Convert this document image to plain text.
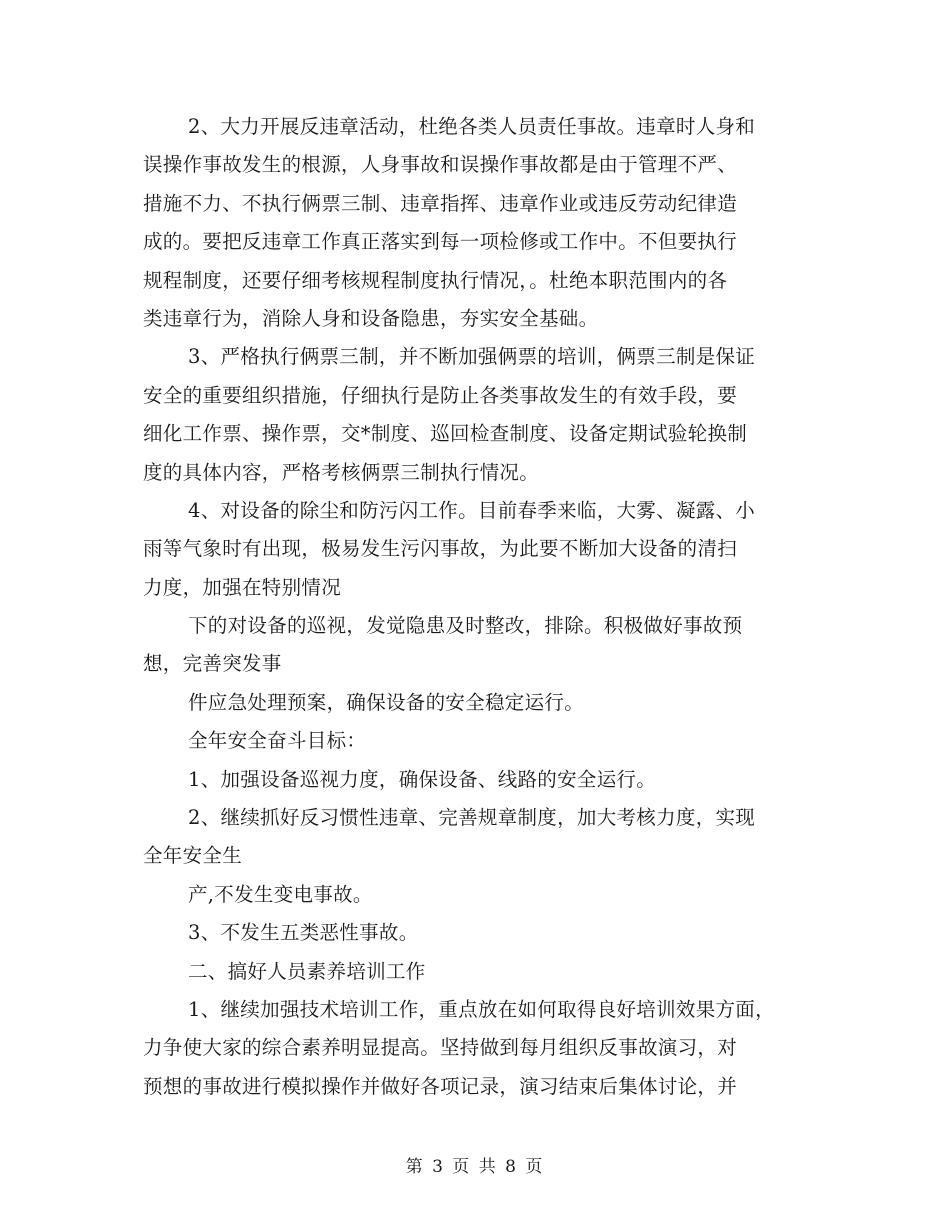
2、大力开展反违章活动，杜绝各类人员责任事故。违章时人身和
误操作事故发生的根源，人身事故和误操作事故都是由于管理不严、
措施不力、不执行俩票三制、违章指挥、违章作业或违反劳动纪律造
成的。要把反违章工作真正落实到每一项检修或工作中。不但要执行
规程制度，还要仔细考核规程制度执行情况，。杜绝本职范围内的各
类违章行为，消除人身和设备隐患，夯实安全基础。
3、严格执行俩票三制，并不断加强俩票的培训，俩票三制是保证
安全的重要组织措施，仔细执行是防止各类事故发生的有效手段，要
细化工作票、操作票，交*制度、巡回检查制度、设备定期试验轮换制
度的具体内容，严格考核俩票三制执行情况。
4、对设备的除尘和防污闪工作。目前春季来临，大雾、凝露、小
雨等气象时有出现，极易发生污闪事故，为此要不断加大设备的清扫
力度，加强在特别情况
下的对设备的巡视，发觉隐患及时整改，排除。积极做好事故预
想，完善突发事
件应急处理预案，确保设备的安全稳定运行。
全年安全奋斗目标：
1、加强设备巡视力度，确保设备、线路的安全运行。
2、继续抓好反习惯性违章、完善规章制度，加大考核力度，实现
全年安全生
产,不发生变电事故。
3、不发生五类恶性事故。
二、搞好人员素养培训工作
1、继续加强技术培训工作，重点放在如何取得良好培训效果方面，
力争使大家的综合素养明显提高。坚持做到每月组织反事故演习，对
预想的事故进行模拟操作并做好各项记录，演习结束后集体讨论，并
第 3 页 共 8 页
